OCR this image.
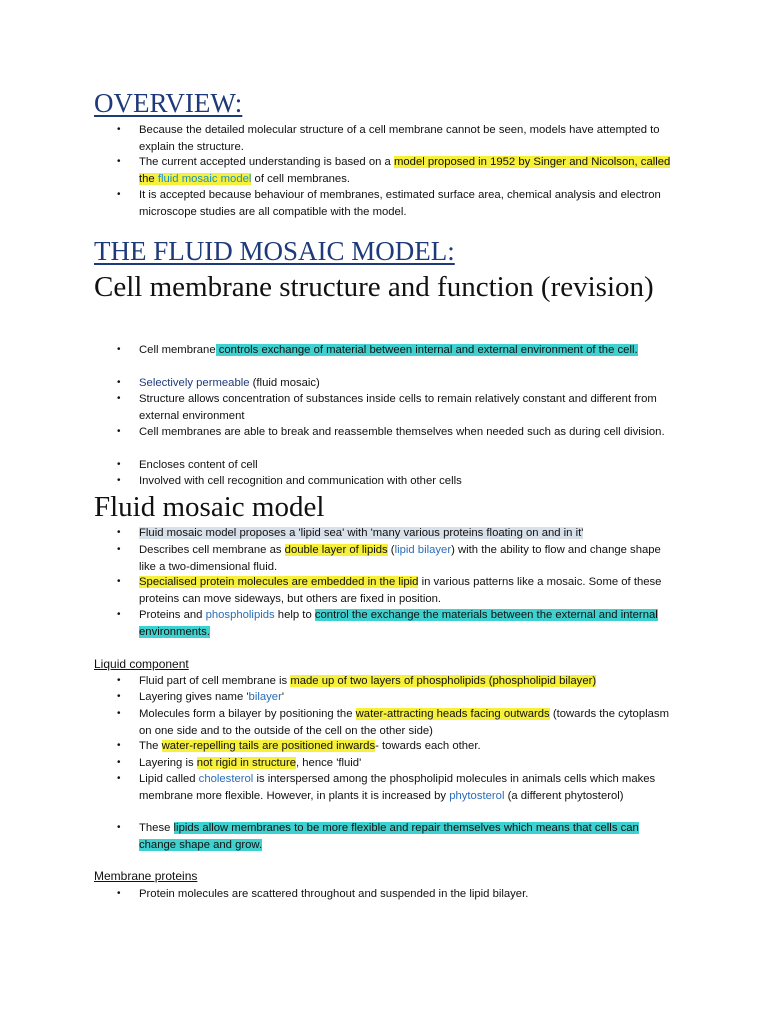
OVERVIEW:
• Because the detailed molecular structure of a cell membrane cannot be seen, models have attempted to explain the structure.
• The current accepted understanding is based on a model proposed in 1952 by Singer and Nicolson, called the fluid mosaic model of cell membranes.
• It is accepted because behaviour of membranes, estimated surface area, chemical analysis and electron microscope studies are all compatible with the model.
THE FLUID MOSAIC MODEL:
Cell membrane structure and function (revision)
• Cell membrane controls exchange of material between internal and external environment of the cell.
• Selectively permeable (fluid mosaic)
• Structure allows concentration of substances inside cells to remain relatively constant and different from external environment
• Cell membranes are able to break and reassemble themselves when needed such as during cell division.
• Encloses content of cell
• Involved with cell recognition and communication with other cells
Fluid mosaic model
• Fluid mosaic model proposes a 'lipid sea' with 'many various proteins floating on and in it'
• Describes cell membrane as double layer of lipids (lipid bilayer) with the ability to flow and change shape like a two-dimensional fluid.
• Specialised protein molecules are embedded in the lipid in various patterns like a mosaic. Some of these proteins can move sideways, but others are fixed in position.
• Proteins and phospholipids help to control the exchange the materials between the external and internal environments.

Liquid component

• Fluid part of cell membrane is made up of two layers of phospholipids (phospholipid bilayer)
• Layering gives name 'bilayer'
• Molecules form a bilayer by positioning the water-attracting heads facing outwards (towards the cytoplasm on one side and to the outside of the cell on the other side)
• The water-repelling tails are positioned inwards- towards each other.
• Layering is not rigid in structure, hence 'fluid'
• Lipid called cholesterol is interspersed among the phospholipid molecules in animals cells which makes membrane more flexible. However, in plants it is increased by phytosterol (a different phytosterol)
• These lipids allow membranes to be more flexible and repair themselves which means that cells can change shape and grow.

Membrane proteins

• Protein molecules are scattered throughout and suspended in the lipid bilayer.
